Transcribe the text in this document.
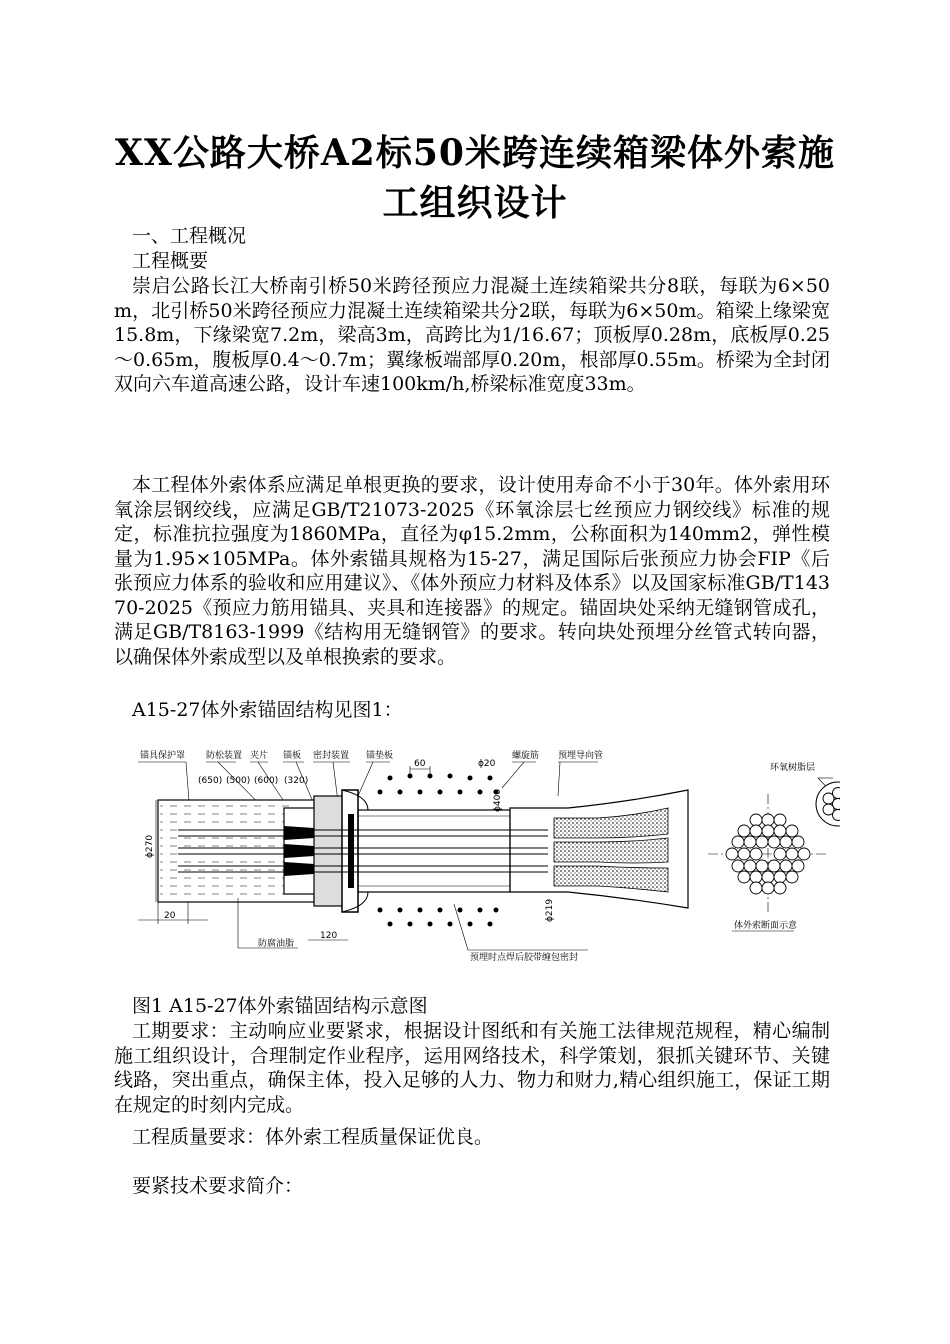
XX公路大桥A2标50米跨连续箱梁体外索施
工组织设计
一、工程概况
工程概要
崇启公路长江大桥南引桥50米跨径预应力混凝土连续箱梁共分8联，每联为6×50m，北引桥50米跨径预应力混凝土连续箱梁共分2联，每联为6×50m。箱梁上缘梁宽15.8m，下缘梁宽7.2m，梁高3m，高跨比为1/16.67；顶板厚0.28m，底板厚0.25～0.65m，腹板厚0.4～0.7m；翼缘板端部厚0.20m，根部厚0.55m。桥梁为全封闭双向六车道高速公路，设计车速100km/h,桥梁标准宽度33m。
本工程体外索体系应满足单根更换的要求，设计使用寿命不小于30年。体外索用环氧涂层钢绞线，应满足GB/T21073-2025《环氧涂层七丝预应力钢绞线》标准的规定，标准抗拉强度为1860MPa，直径为φ15.2mm，公称面积为140mm2，弹性模量为1.95×105MPa。体外索锚具规格为15-27，满足国际后张预应力协会FIP《后张预应力体系的验收和应用建议》、《体外预应力材料及体系》以及国家标准GB/T14370-2025《预应力筋用锚具、夹具和连接器》的规定。锚固块处采纳无缝钢管成孔，满足GB/T8163-1999《结构用无缝钢管》的要求。转向块处预埋分丝管式转向器，以确保体外索成型以及单根换索的要求。
A15-27体外索锚固结构见图1：
锚具保护罩 防松装置 夹片 锚板 密封装置 锚垫板	螺旋筋 预埋导向管
环氧树脂层
(650) (500) (600) (320)
60	ϕ20
ϕ270
ϕ400
ϕ219
20
120
防腐油脂
预埋时点焊后胶带缠包密封
体外索断面示意
图1 A15-27体外索锚固结构示意图
工期要求：主动响应业要紧求，根据设计图纸和有关施工法律规范规程，精心编制施工组织设计，合理制定作业程序，运用网络技术，科学策划，狠抓关键环节、关键线路，突出重点，确保主体，投入足够的人力、物力和财力,精心组织施工，保证工期在规定的时刻内完成。
工程质量要求：体外索工程质量保证优良。
要紧技术要求简介：
